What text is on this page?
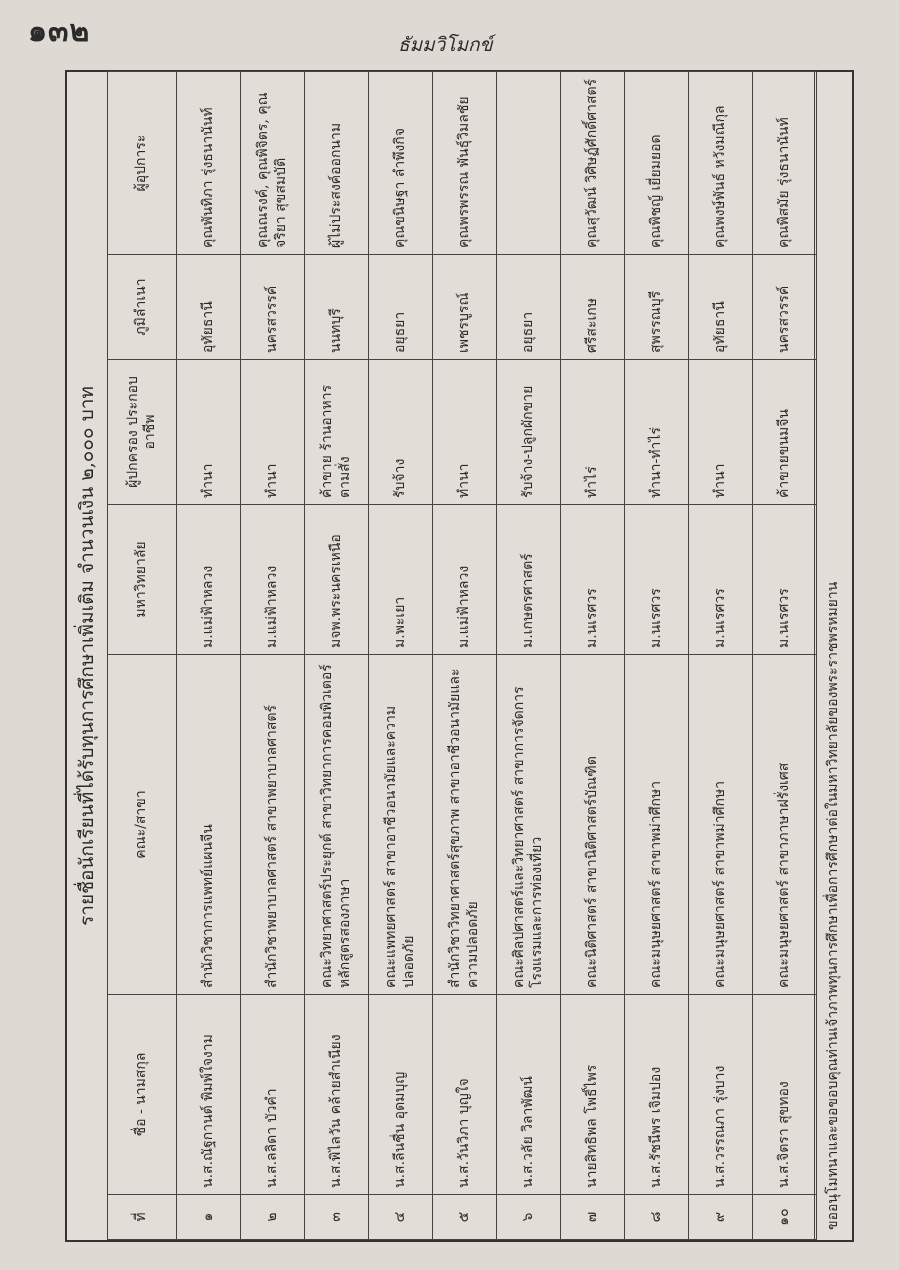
๑๓๒	ธัมมวิโมกข์
รายชื่อนักเรียนที่ได้รับทุนการศึกษาเพิ่มเติม จำนวนเงิน ๒,๐๐๐ บาท
ที่	ชื่อ - นามสกุล	คณะ/สาขา	มหาวิทยาลัย	ผู้ปกครอง ประกอบอาชีพ	ภูมิลำเนา	ผู้อุปการะ
๑	น.ส.ณัฐกานต์ พิมพ์ใจงาม	สำนักวิชาการแพทย์แผนจีน	ม.แม่ฟ้าหลวง	ทำนา	อุทัยธานี	คุณพันทิภา รุ่งธนานันท์
๒	น.ส.ลลิดา บัวคำ	สำนักวิชาพยาบาลศาสตร์ สาขาพยาบาลศาสตร์	ม.แม่ฟ้าหลวง	ทำนา	นครสวรรค์	คุณณรงค์, คุณพิจิตร, คุณจริยา สุขสมบัติ
๓	น.ส.พิไลวัน คล้ายสำเนียง	คณะวิทยาศาสตร์ประยุกต์ สาขาวิทยาการคอมพิวเตอร์ หลักสูตรสองภาษา	มจพ.พระนครเหนือ	ค้าขาย ร้านอาหารตามสั่ง	นนทบุรี	ผู้ไม่ประสงค์ออกนาม
๔	น.ส.ลีนชื่น อุดมบุญ	คณะแพทยศาสตร์ สาขาอาชีวอนามัยและความปลอดภัย	ม.พะเยา	รับจ้าง	อยุธยา	คุณขนิษฐา ลำพึงกิจ
๕	น.ส.วันวิภา บุญใจ	สำนักวิชาวิทยาศาสตร์สุขภาพ สาขาอาชีวอนามัยและความปลอดภัย	ม.แม่ฟ้าหลวง	ทำนา	เพชรบูรณ์	คุณพรพรรณ พันธุ์วิมลชัย
๖	น.ส.วลัย วิลาพัฒน์	คณะศิลปศาสตร์และวิทยาศาสตร์ สาขาการจัดการโรงแรมและการท่องเที่ยว	ม.เกษตรศาสตร์	รับจ้าง-ปลูกผักขาย	อยุธยา	
๗	นายสิทธิพล โพธิ์ไพร	คณะนิติศาสตร์ สาขานิติศาสตร์บัณฑิต	ม.นเรศวร	ทำไร่	ศรีสะเกษ	คุณสุวัฒน์ วิศิษฏ์ศักดิ์ศาสตร์
๘	น.ส.รัชนีพร เจิมปอง	คณะมนุษยศาสตร์ สาขาพม่าศึกษา	ม.นเรศวร	ทำนา-ทำไร่	สุพรรณบุรี	คุณพิชญ์ เยี่ยมยอด
๙	น.ส.วรรณภา รุ่งบาง	คณะมนุษยศาสตร์ สาขาพม่าศึกษา	ม.นเรศวร	ทำนา	อุทัยธานี	คุณพงษ์พันธ์ หวังมณีกุล
๑๐	น.ส.จิตรา สุขทอง	คณะมนุษยศาสตร์ สาขาภาษาฝรั่งเศส	ม.นเรศวร	ค้าขายขนมจีน	นครสวรรค์	คุณพิสมัย รุ่งธนานันท์
ขออนุโมทนาและขอขอบคุณท่านเจ้าภาพทุนการศึกษาเพื่อการศึกษาต่อในมหาวิทยาลัยของพระราชพรหมยาน
